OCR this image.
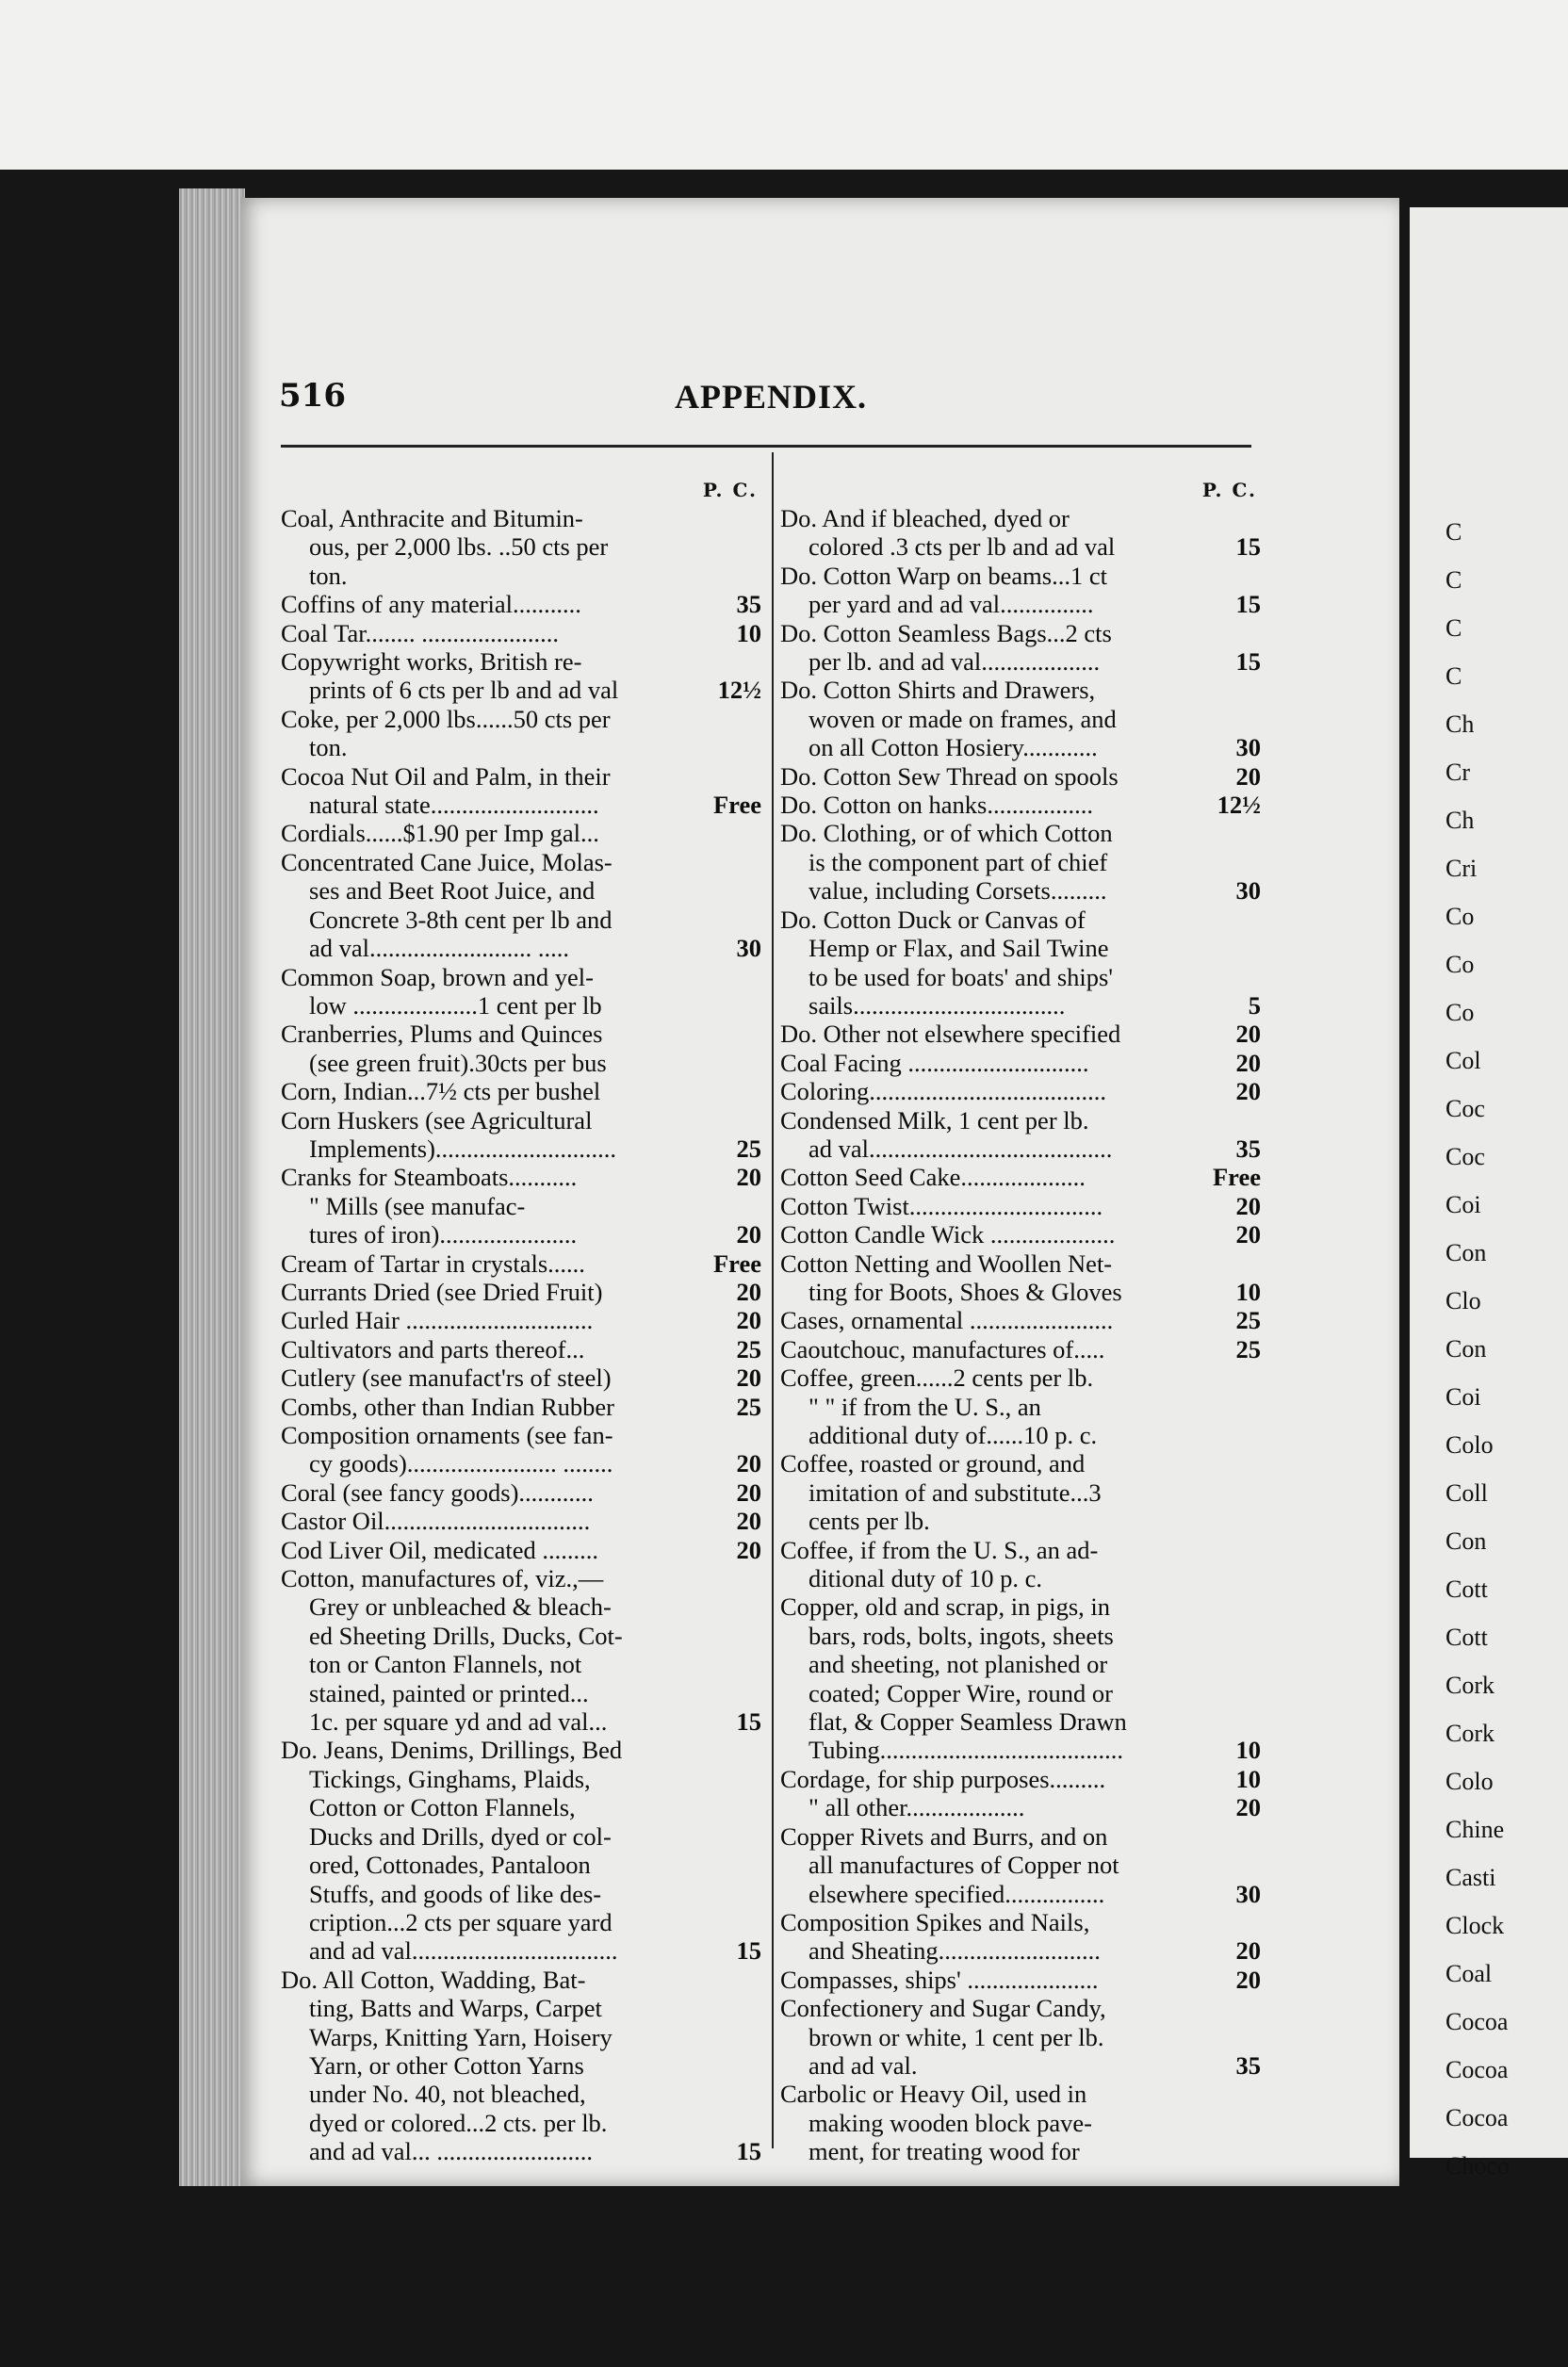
C
C
C
C
Ch
Cr
Ch
Cri
Co
Co
Co
Col
Coc
Coc
Coi
Con
Clo
Con
Coi
Colo
Coll
Con
Cott
Cott
Cork
Cork
Colo
Chine
Casti
Clock
Coal
Cocoa
Cocoa
Cocoa
Choco
516	APPENDIX.
P. C.
Coal, Anthracite and Bitumin-
ous, per 2,000 lbs. ..50 cts per
ton.
Coffins of any material...........	35
Coal Tar........ ......................	10
Copywright works, British re-
prints of 6 cts per lb and ad val	12½
Coke, per 2,000 lbs......50 cts per
ton.
Cocoa Nut Oil and Palm, in their
natural state...........................	Free
Cordials......$1.90 per Imp gal...
Concentrated Cane Juice, Molas-
ses and Beet Root Juice, and
Concrete 3-8th cent per lb and
ad val.......................... .....	30
Common Soap, brown and yel-
low ....................1 cent per lb
Cranberries, Plums and Quinces
(see green fruit).30cts per bus
Corn, Indian...7½ cts per bushel
Corn Huskers (see Agricultural
Implements).............................	25
Cranks for Steamboats...........	20
" Mills (see manufac-
tures of iron)......................	20
Cream of Tartar in crystals......	Free
Currants Dried (see Dried Fruit)	20
Curled Hair ..............................	20
Cultivators and parts thereof...	25
Cutlery (see manufact'rs of steel)	20
Combs, other than Indian Rubber	25
Composition ornaments (see fan-
cy goods)........................ ........	20
Coral (see fancy goods)............	20
Castor Oil.................................	20
Cod Liver Oil, medicated .........	20
Cotton, manufactures of, viz.,—
Grey or unbleached & bleach-
ed Sheeting Drills, Ducks, Cot-
ton or Canton Flannels, not
stained, painted or printed...
1c. per square yd and ad val...	15
Do. Jeans, Denims, Drillings, Bed
Tickings, Ginghams, Plaids,
Cotton or Cotton Flannels,
Ducks and Drills, dyed or col-
ored, Cottonades, Pantaloon
Stuffs, and goods of like des-
cription...2 cts per square yard
and ad val.................................	15
Do. All Cotton, Wadding, Bat-
ting, Batts and Warps, Carpet
Warps, Knitting Yarn, Hoisery
Yarn, or other Cotton Yarns
under No. 40, not bleached,
dyed or colored...2 cts. per lb.
and ad val... .........................	15
P. C.
Do. And if bleached, dyed or
colored .3 cts per lb and ad val	15
Do. Cotton Warp on beams...1 ct
per yard and ad val...............	15
Do. Cotton Seamless Bags...2 cts
per lb. and ad val...................	15
Do. Cotton Shirts and Drawers,
woven or made on frames, and
on all Cotton Hosiery............	30
Do. Cotton Sew Thread on spools	20
Do. Cotton on hanks.................	12½
Do. Clothing, or of which Cotton
is the component part of chief
value, including Corsets.........	30
Do. Cotton Duck or Canvas of
Hemp or Flax, and Sail Twine
to be used for boats' and ships'
sails..................................	5
Do. Other not elsewhere specified	20
Coal Facing .............................	20
Coloring......................................	20
Condensed Milk, 1 cent per lb.
ad val.......................................	35
Cotton Seed Cake....................	Free
Cotton Twist...............................	20
Cotton Candle Wick ....................	20
Cotton Netting and Woollen Net-
ting for Boots, Shoes & Gloves	10
Cases, ornamental .......................	25
Caoutchouc, manufactures of.....	25
Coffee, green......2 cents per lb.
" " if from the U. S., an
additional duty of......10 p. c.
Coffee, roasted or ground, and
imitation of and substitute...3
cents per lb.
Coffee, if from the U. S., an ad-
ditional duty of 10 p. c.
Copper, old and scrap, in pigs, in
bars, rods, bolts, ingots, sheets
and sheeting, not planished or
coated; Copper Wire, round or
flat, & Copper Seamless Drawn
Tubing.......................................	10
Cordage, for ship purposes.........	10
" all other...................	20
Copper Rivets and Burrs, and on
all manufactures of Copper not
elsewhere specified................	30
Composition Spikes and Nails,
and Sheating..........................	20
Compasses, ships' .....................	20
Confectionery and Sugar Candy,
brown or white, 1 cent per lb.
and ad val.	35
Carbolic or Heavy Oil, used in
making wooden block pave-
ment, for treating wood for
